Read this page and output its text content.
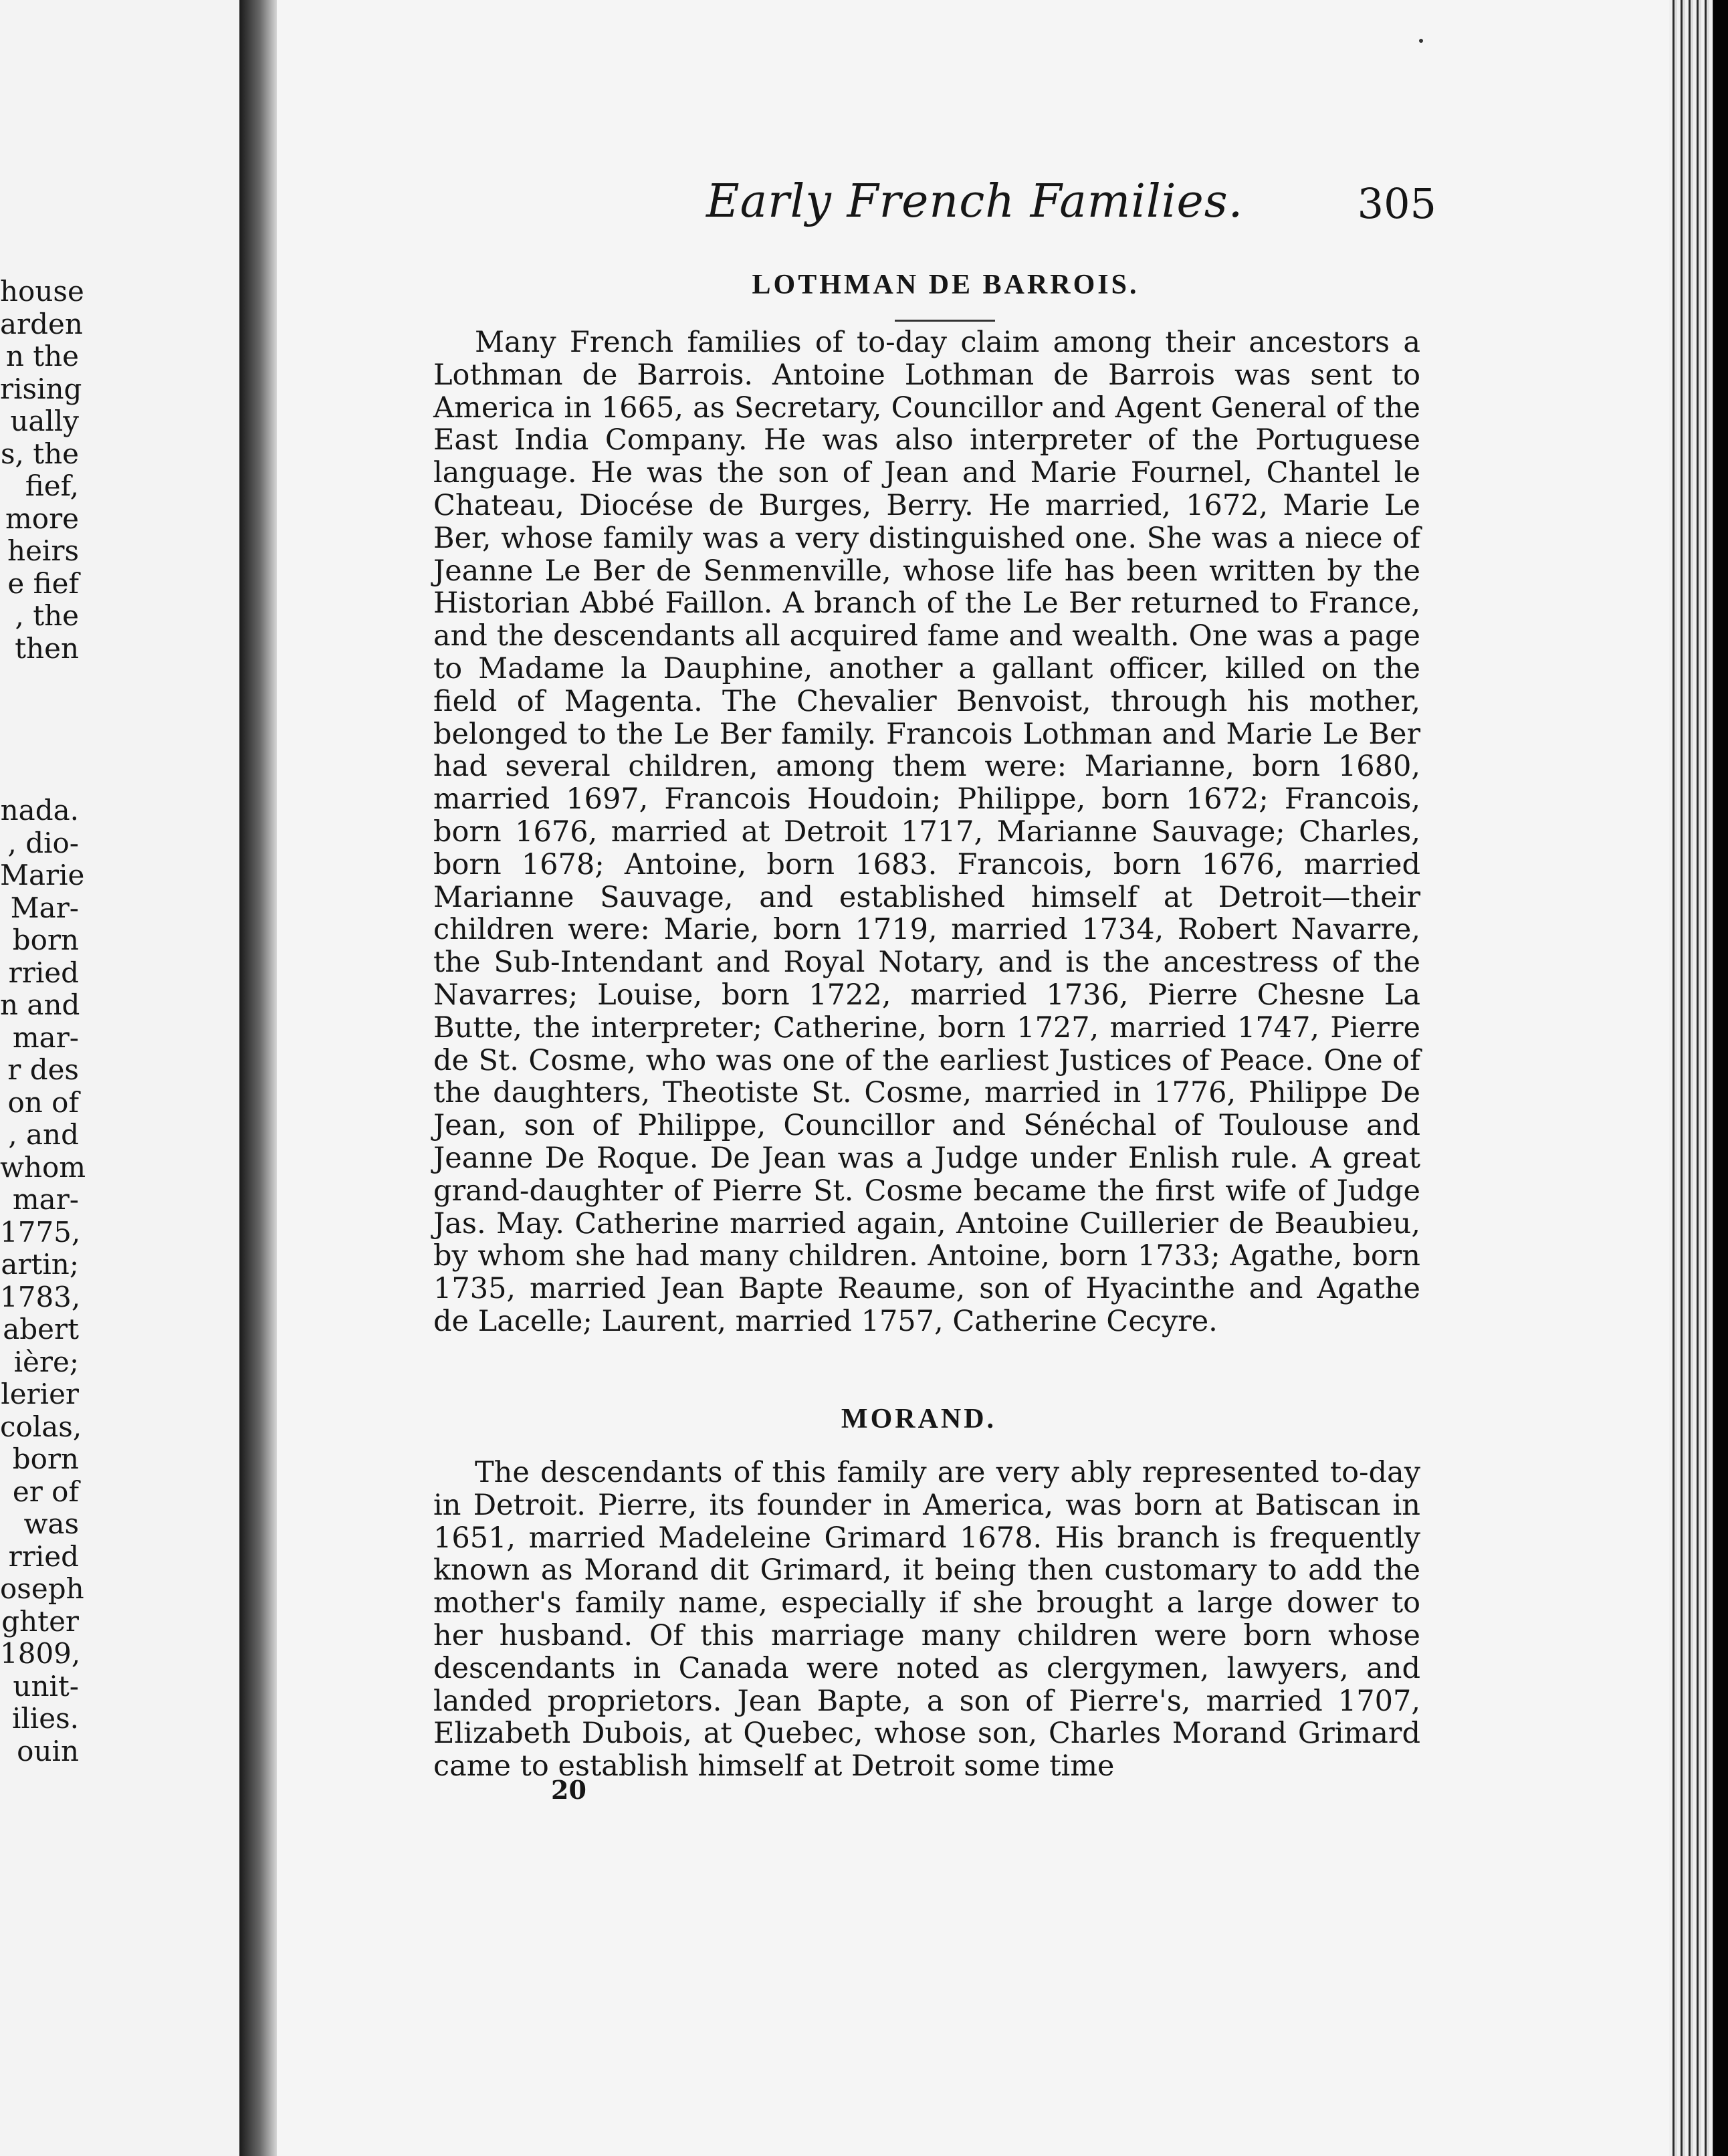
house
arden
n the
rising
ually
s, the
fief,
more
heirs
e fief
, the
then
nada.
, dio-
Marie
Mar-
born
rried
n and
mar-
r des
on of
, and
whom
mar-
1775,
artin;
1783,
abert
ière;
lerier
colas,
born
er of
was
rried
oseph
ghter
1809,
unit-
ilies.
ouin
Early French Families.	305
LOTHMAN DE BARROIS.

Many French families of to-day claim among their ancestors a Lothman de Barrois. Antoine Lothman de Barrois was sent to America in 1665, as Secretary, Councillor and Agent General of the East India Company. He was also interpreter of the Portuguese language. He was the son of Jean and Marie Fournel, Chantel le Chateau, Diocése de Burges, Berry. He married, 1672, Marie Le Ber, whose family was a very distinguished one. She was a niece of Jeanne Le Ber de Senmenville, whose life has been written by the Historian Abbé Faillon. A branch of the Le Ber returned to France, and the descendants all acquired fame and wealth. One was a page to Madame la Dauphine, another a gallant officer, killed on the field of Magenta. The Chevalier Benvoist, through his mother, belonged to the Le Ber family. Francois Lothman and Marie Le Ber had several children, among them were: Marianne, born 1680, married 1697, Francois Houdoin; Philippe, born 1672; Francois, born 1676, married at Detroit 1717, Marianne Sauvage; Charles, born 1678; Antoine, born 1683. Francois, born 1676, married Marianne Sauvage, and established himself at Detroit—their children were: Marie, born 1719, married 1734, Robert Navarre, the Sub-Intendant and Royal Notary, and is the ancestress of the Navarres; Louise, born 1722, married 1736, Pierre Chesne La Butte, the interpreter; Catherine, born 1727, married 1747, Pierre de St. Cosme, who was one of the earliest Justices of Peace. One of the daughters, Theotiste St. Cosme, married in 1776, Philippe De Jean, son of Philippe, Councillor and Sénéchal of Toulouse and Jeanne De Roque. De Jean was a Judge under Enlish rule. A great grand-daughter of Pierre St. Cosme became the first wife of Judge Jas. May. Catherine married again, Antoine Cuillerier de Beaubieu, by whom she had many children. Antoine, born 1733; Agathe, born 1735, married Jean Bapte Reaume, son of Hyacinthe and Agathe de Lacelle; Laurent, married 1757, Catherine Cecyre.

MORAND.

The descendants of this family are very ably represented to-day in Detroit. Pierre, its founder in America, was born at Batiscan in 1651, married Madeleine Grimard 1678. His branch is frequently known as Morand dit Grimard, it being then customary to add the mother's family name, especially if she brought a large dower to her husband. Of this marriage many children were born whose descendants in Canada were noted as clergymen, lawyers, and landed proprietors. Jean Bapte, a son of Pierre's, married 1707, Elizabeth Dubois, at Quebec, whose son, Charles Morand Grimard came to establish himself at Detroit some time

20
